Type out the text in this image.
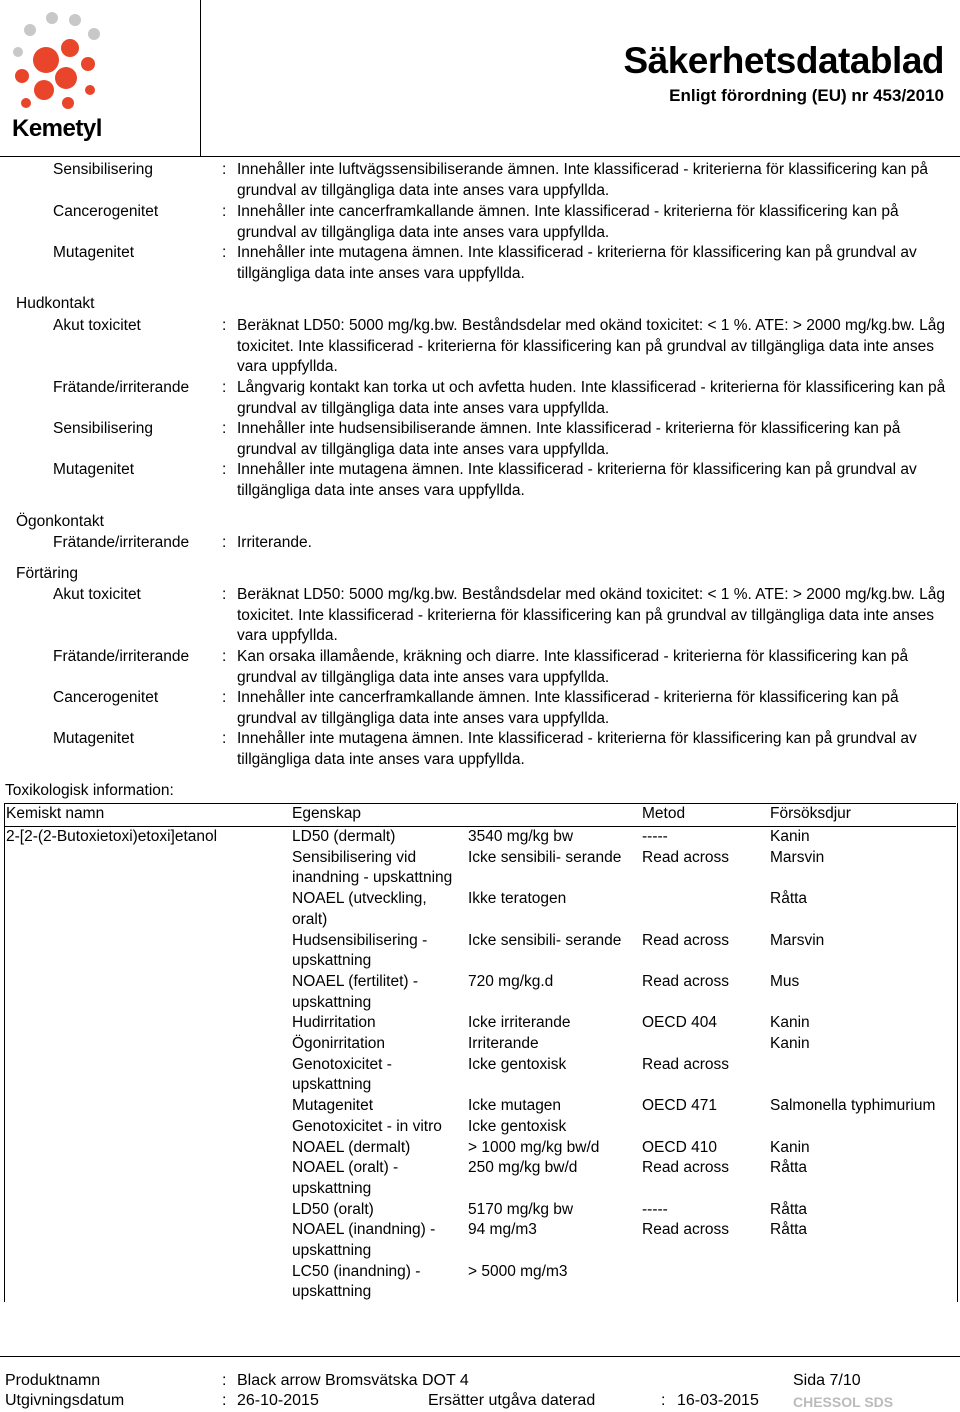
Kemetyl
Säkerhetsdatablad
Enligt förordning (EU) nr 453/2010
Sensibilisering	: Innehåller inte luftvägssensibiliserande ämnen. Inte klassificerad - kriterierna för klassificering kan på grundval av tillgängliga data inte anses vara uppfyllda.
Cancerogenitet	: Innehåller inte cancerframkallande ämnen. Inte klassificerad - kriterierna för klassificering kan på grundval av tillgängliga data inte anses vara uppfyllda.
Mutagenitet	: Innehåller inte mutagena ämnen. Inte klassificerad - kriterierna för klassificering kan på grundval av tillgängliga data inte anses vara uppfyllda.
Hudkontakt
Akut toxicitet	: Beräknat LD50: 5000 mg/kg.bw. Beståndsdelar med okänd toxicitet: < 1 %. ATE: > 2000 mg/kg.bw. Låg toxicitet. Inte klassificerad - kriterierna för klassificering kan på grundval av tillgängliga data inte anses vara uppfyllda.
Frätande/irriterande : Långvarig kontakt kan torka ut och avfetta huden. Inte klassificerad - kriterierna för klassificering kan på grundval av tillgängliga data inte anses vara uppfyllda.
Sensibilisering	: Innehåller inte hudsensibiliserande ämnen. Inte klassificerad - kriterierna för klassificering kan på grundval av tillgängliga data inte anses vara uppfyllda.
Mutagenitet	: Innehåller inte mutagena ämnen. Inte klassificerad - kriterierna för klassificering kan på grundval av tillgängliga data inte anses vara uppfyllda.
Ögonkontakt
Frätande/irriterande : Irriterande.
Förtäring
Akut toxicitet	: Beräknat LD50: 5000 mg/kg.bw. Beståndsdelar med okänd toxicitet: < 1 %. ATE: > 2000 mg/kg.bw. Låg toxicitet. Inte klassificerad - kriterierna för klassificering kan på grundval av tillgängliga data inte anses vara uppfyllda.
Frätande/irriterande : Kan orsaka illamående, kräkning och diarre. Inte klassificerad - kriterierna för klassificering kan på grundval av tillgängliga data inte anses vara uppfyllda.
Cancerogenitet	: Innehåller inte cancerframkallande ämnen. Inte klassificerad - kriterierna för klassificering kan på grundval av tillgängliga data inte anses vara uppfyllda.
Mutagenitet	: Innehåller inte mutagena ämnen. Inte klassificerad - kriterierna för klassificering kan på grundval av tillgängliga data inte anses vara uppfyllda.
Toxikologisk information:
Kemiskt namn	Egenskap		Metod	Försöksdjur
2-[2-(2-Butoxietoxi)etoxi]etanol	LD50 (dermalt)	3540 mg/kg bw	-----	Kanin
	Sensibilisering vid inandning - upskattning	Icke sensibili- serande	Read across	Marsvin
	NOAEL (utveckling, oralt)	Ikke teratogen		Råtta
	Hudsensibilisering - upskattning	Icke sensibili- serande	Read across	Marsvin
	NOAEL (fertilitet) - upskattning	720 mg/kg.d	Read across	Mus
	Hudirritation	Icke irriterande	OECD 404	Kanin
	Ögonirritation	Irriterande		Kanin
	Genotoxicitet - upskattning	Icke gentoxisk	Read across	
	Mutagenitet	Icke mutagen	OECD 471	Salmonella typhimurium
	Genotoxicitet - in vitro	Icke gentoxisk		
	NOAEL (dermalt)	> 1000 mg/kg bw/d	OECD 410	Kanin
	NOAEL (oralt) - upskattning	250 mg/kg bw/d	Read across	Råtta
	LD50 (oralt)	5170 mg/kg bw	-----	Råtta
	NOAEL (inandning) - upskattning	94 mg/m3	Read across	Råtta
	LC50 (inandning) - upskattning	> 5000 mg/m3		
Produktnamn	: Black arrow Bromsvätska DOT 4	Sida 7/10
Utgivningsdatum	: 26-10-2015	Ersätter utgåva daterad	: 16-03-2015 CHESSOL SDS
